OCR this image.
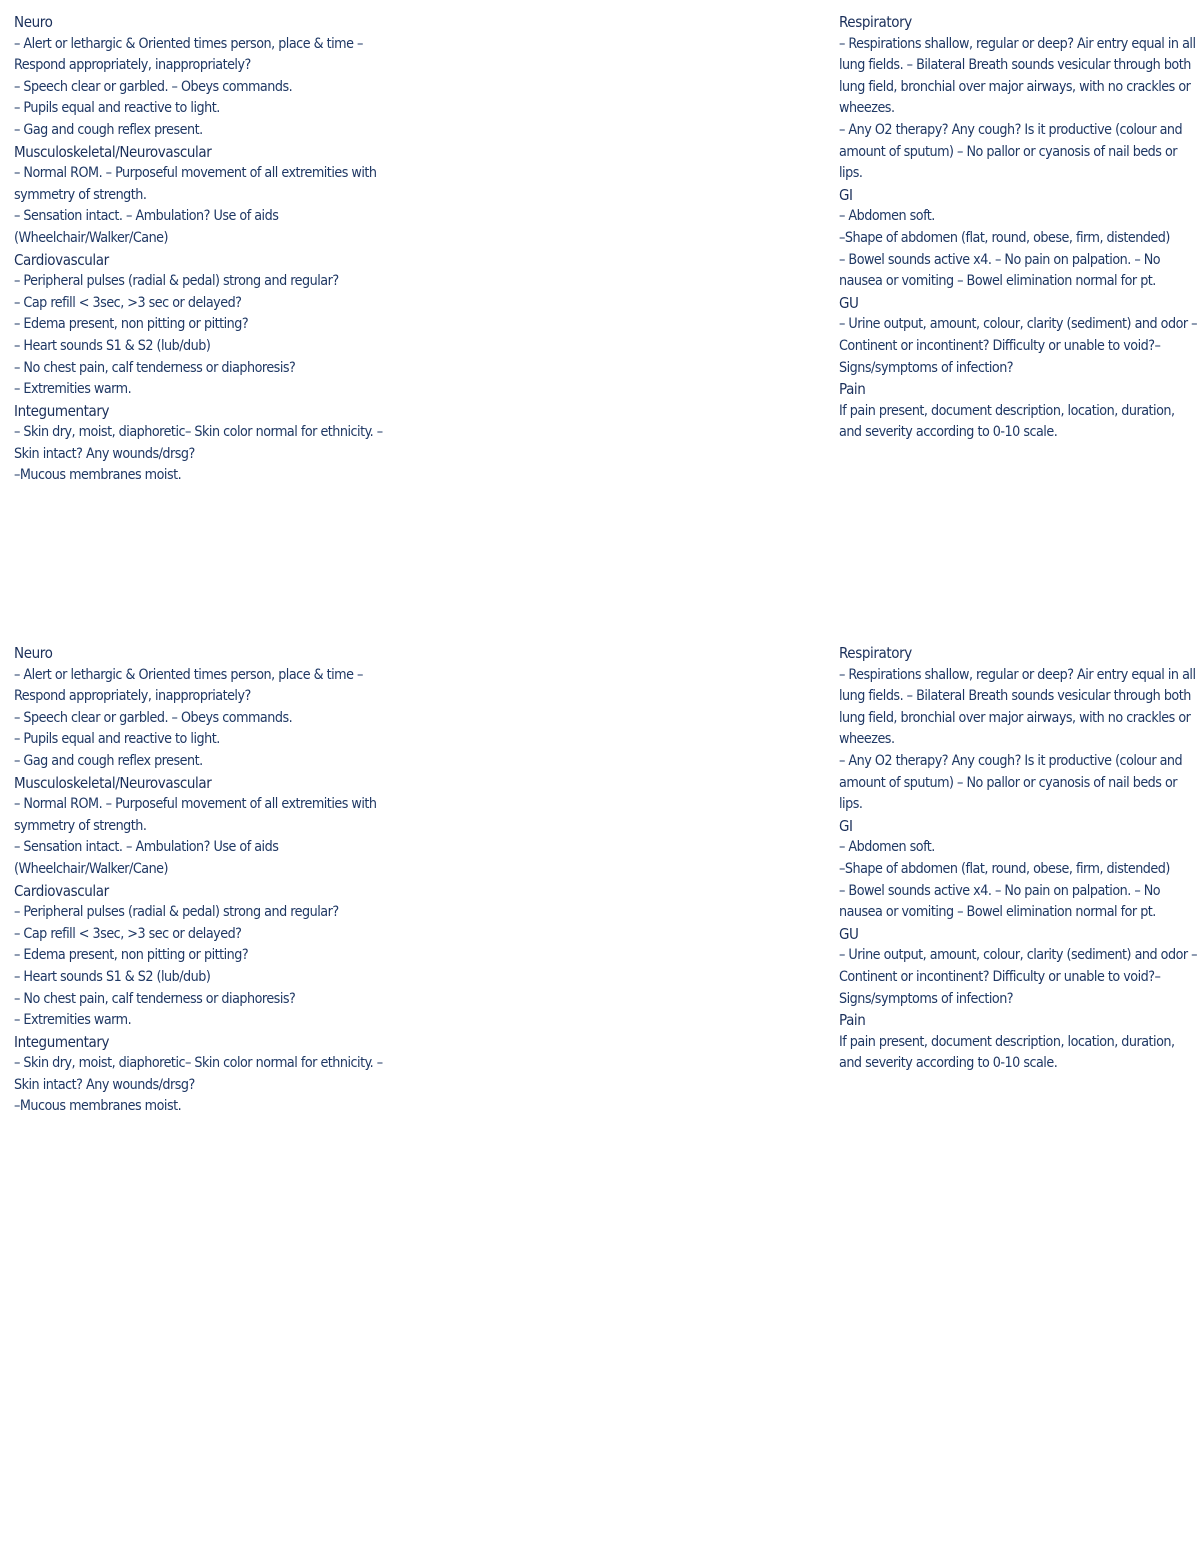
Neuro
– Alert or lethargic & Oriented times person, place & time – Respond appropriately, inappropriately?
– Speech clear or garbled. – Obeys commands.
– Pupils equal and reactive to light.
– Gag and cough reflex present.
Musculoskeletal/Neurovascular
– Normal ROM. – Purposeful movement of all extremities with symmetry of strength.
– Sensation intact. – Ambulation? Use of aids (Wheelchair/Walker/Cane)
Cardiovascular
– Peripheral pulses (radial & pedal) strong and regular?
– Cap refill < 3sec, >3 sec or delayed?
– Edema present, non pitting or pitting?
– Heart sounds S1 & S2 (lub/dub)
– No chest pain, calf tenderness or diaphoresis?
– Extremities warm.
Integumentary
– Skin dry, moist, diaphoretic– Skin color normal for ethnicity. – Skin intact? Any wounds/drsg?
–Mucous membranes moist.
Respiratory
– Respirations shallow, regular or deep? Air entry equal in all lung fields. – Bilateral Breath sounds vesicular through both lung field, bronchial over major airways, with no crackles or wheezes.
– Any O2 therapy? Any cough? Is it productive (colour and amount of sputum) – No pallor or cyanosis of nail beds or lips.
GI
– Abdomen soft.
–Shape of abdomen (flat, round, obese, firm, distended)
– Bowel sounds active x4. – No pain on palpation. – No nausea or vomiting – Bowel elimination normal for pt.
GU
– Urine output, amount, colour, clarity (sediment) and odor – Continent or incontinent? Difficulty or unable to void?– Signs/symptoms of infection?
Pain
If pain present, document description, location, duration, and severity according to 0-10 scale.
Neuro
– Alert or lethargic & Oriented times person, place & time – Respond appropriately, inappropriately?
– Speech clear or garbled. – Obeys commands.
– Pupils equal and reactive to light.
– Gag and cough reflex present.
Musculoskeletal/Neurovascular
– Normal ROM. – Purposeful movement of all extremities with symmetry of strength.
– Sensation intact. – Ambulation? Use of aids (Wheelchair/Walker/Cane)
Cardiovascular
– Peripheral pulses (radial & pedal) strong and regular?
– Cap refill < 3sec, >3 sec or delayed?
– Edema present, non pitting or pitting?
– Heart sounds S1 & S2 (lub/dub)
– No chest pain, calf tenderness or diaphoresis?
– Extremities warm.
Integumentary
– Skin dry, moist, diaphoretic– Skin color normal for ethnicity. – Skin intact? Any wounds/drsg?
–Mucous membranes moist.
Respiratory
– Respirations shallow, regular or deep? Air entry equal in all lung fields. – Bilateral Breath sounds vesicular through both lung field, bronchial over major airways, with no crackles or wheezes.
– Any O2 therapy? Any cough? Is it productive (colour and amount of sputum) – No pallor or cyanosis of nail beds or lips.
GI
– Abdomen soft.
–Shape of abdomen (flat, round, obese, firm, distended)
– Bowel sounds active x4. – No pain on palpation. – No nausea or vomiting – Bowel elimination normal for pt.
GU
– Urine output, amount, colour, clarity (sediment) and odor – Continent or incontinent? Difficulty or unable to void?– Signs/symptoms of infection?
Pain
If pain present, document description, location, duration, and severity according to 0-10 scale.
